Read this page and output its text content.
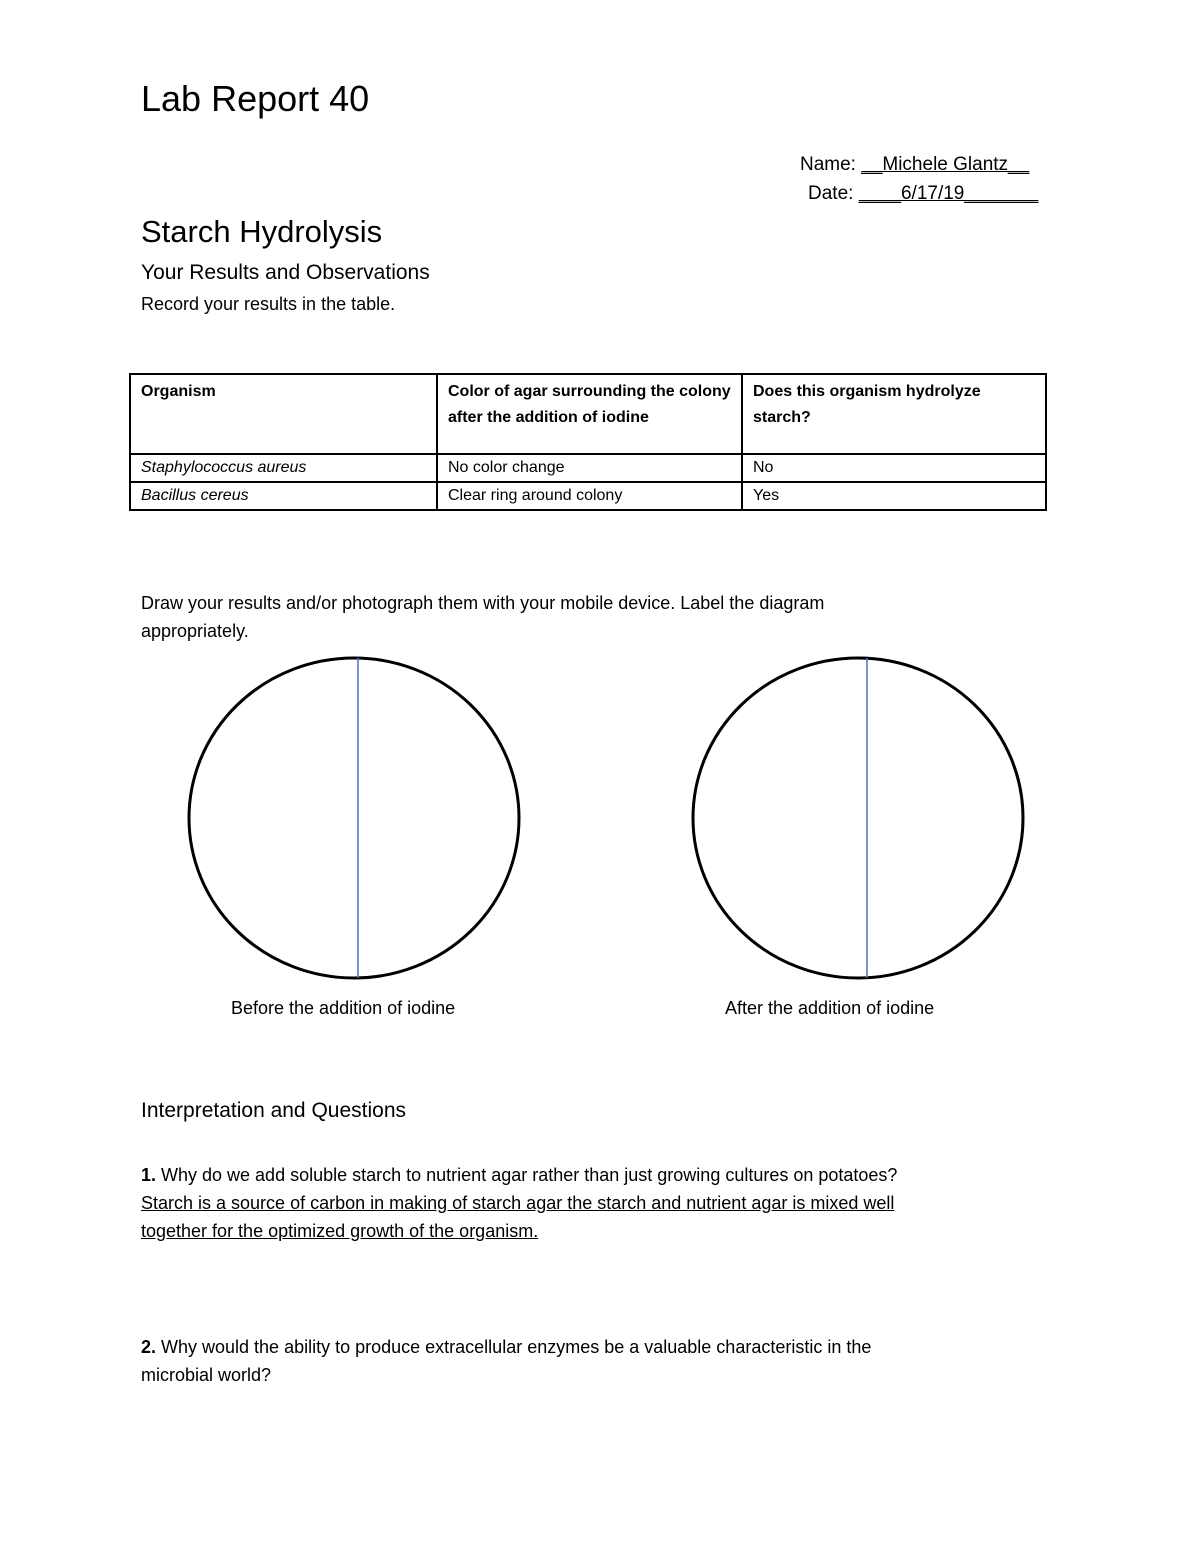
Lab Report 40
Name: __Michele Glantz__
Date: ____6/17/19_______
Starch Hydrolysis
Your Results and Observations
Record your results in the table.
Organism	Color of agar surrounding the colony after the addition of iodine	Does this organism hydrolyze starch?
Staphylococcus aureus	No color change	No
Bacillus cereus	Clear ring around colony	Yes
Draw your results and/or photograph them with your mobile device. Label the diagram
appropriately.
Before the addition of iodine	After the addition of iodine
Interpretation and Questions
1. Why do we add soluble starch to nutrient agar rather than just growing cultures on potatoes?
Starch is a source of carbon in making of starch agar the starch and nutrient agar is mixed well
together for the optimized growth of the organism.
2. Why would the ability to produce extracellular enzymes be a valuable characteristic in the
microbial world?
